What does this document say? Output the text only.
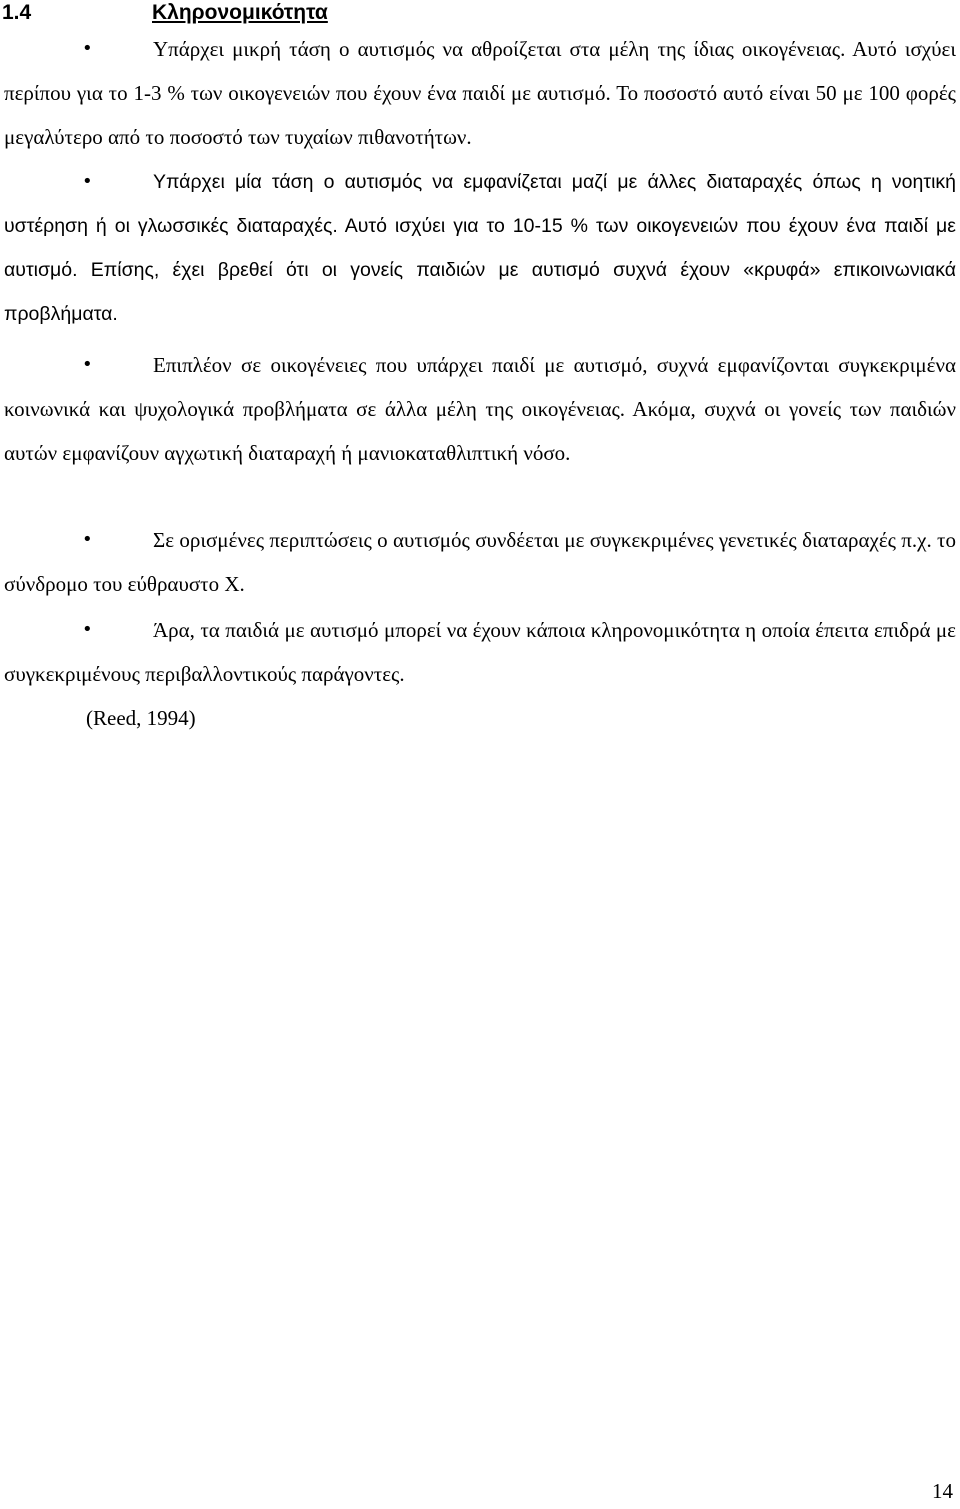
1.4	Κληρονομικότητα
•	Υπάρχει μικρή τάση ο αυτισμός να αθροίζεται στα μέλη της ίδιας οικογένειας. Αυτό ισχύει περίπου για το 1-3 % των οικογενειών που έχουν ένα παιδί με αυτισμό. Το ποσοστό αυτό είναι 50 με 100 φορές μεγαλύτερο από το ποσοστό των τυχαίων πιθανοτήτων.

•	Υπάρχει μία τάση ο αυτισμός να εμφανίζεται μαζί με άλλες διαταραχές όπως η νοητική υστέρηση ή οι γλωσσικές διαταραχές. Αυτό ισχύει για το 10-15 % των οικογενειών που έχουν ένα παιδί με αυτισμό. Επίσης, έχει βρεθεί ότι οι γονείς παιδιών με αυτισμό συχνά έχουν «κρυφά» επικοινωνιακά προβλήματα.

•	Επιπλέον σε οικογένειες που υπάρχει παιδί με αυτισμό, συχνά εμφανίζονται συγκεκριμένα κοινωνικά και ψυχολογικά προβλήματα σε άλλα μέλη της οικογένειας. Ακόμα, συχνά οι γονείς των παιδιών αυτών εμφανίζουν αγχωτική διαταραχή ή μανιοκαταθλιπτική νόσο.

•	Σε ορισμένες περιπτώσεις ο αυτισμός συνδέεται με συγκεκριμένες γενετικές διαταραχές π.χ. το σύνδρομο του εύθραυστο Χ.

•	Άρα, τα παιδιά με αυτισμό μπορεί να έχουν κάποια κληρονομικότητα η οποία έπειτα επιδρά με συγκεκριμένους περιβαλλοντικούς παράγοντες.

(Reed, 1994)
14
